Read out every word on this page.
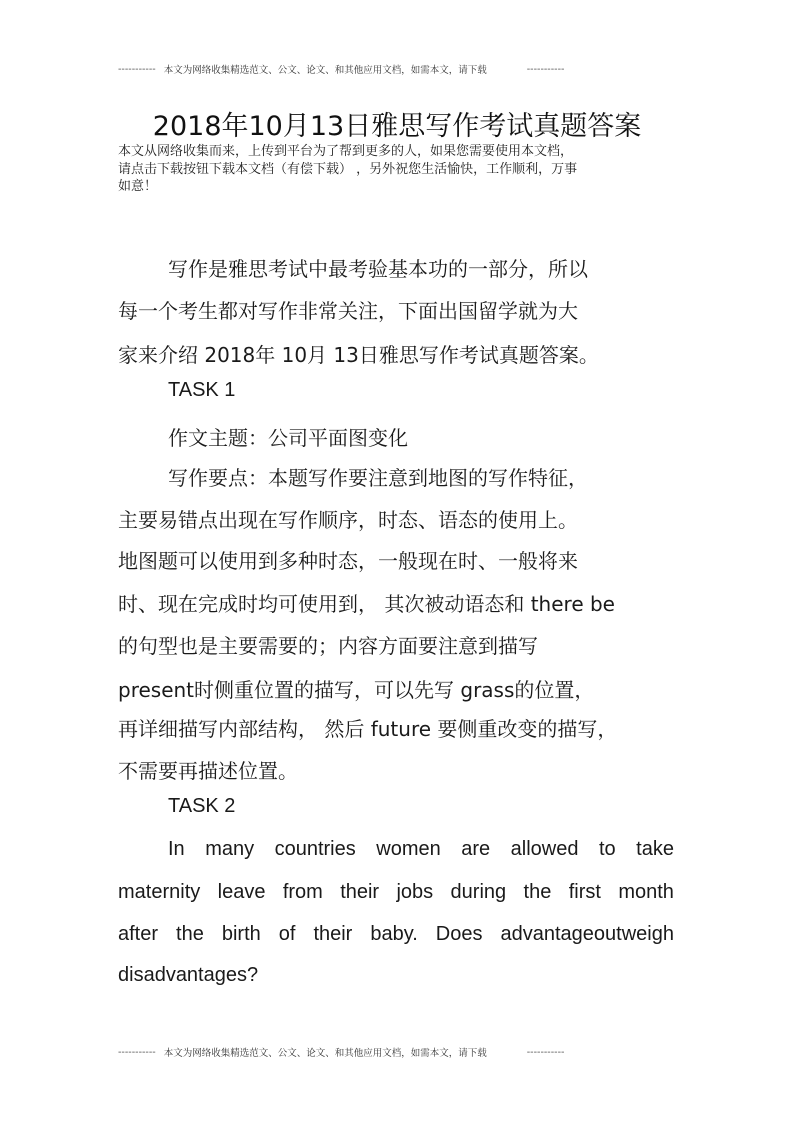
----------- 本文为网络收集精选范文、公文、论文、和其他应用文档，如需本文，请下载	-----------
2018年10月13日雅思写作考试真题答案
本文从网络收集而来，上传到平台为了帮到更多的人，如果您需要使用本文档，
请点击下载按钮下载本文档（有偿下载） ，另外祝您生活愉快，工作顺利，万事
如意！
写作是雅思考试中最考验基本功的一部分，所以
每一个考生都对写作非常关注，下面出国留学就为大
家来介绍 2018年 10月 13日雅思写作考试真题答案。
TASK 1
作文主题：公司平面图变化
写作要点：本题写作要注意到地图的写作特征，
主要易错点出现在写作顺序，时态、语态的使用上。
地图题可以使用到多种时态，一般现在时、一般将来
时、现在完成时均可使用到， 其次被动语态和 there be
的句型也是主要需要的；内容方面要注意到描写
present时侧重位置的描写，可以先写 grass的位置，
再详细描写内部结构， 然后 future 要侧重改变的描写，
不需要再描述位置。
TASK 2
In many countries women are allowed to take
maternity leave from their jobs during the first month
after the birth of their baby. Does advantageoutweigh
disadvantages?
----------- 本文为网络收集精选范文、公文、论文、和其他应用文档，如需本文，请下载	-----------
